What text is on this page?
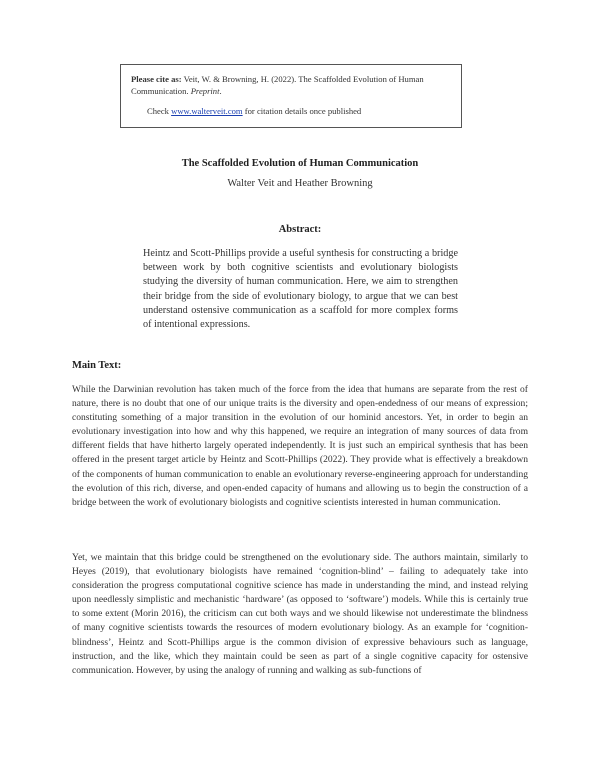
Please cite as: Veit, W. & Browning, H. (2022). The Scaffolded Evolution of Human Communication. Preprint.
Check www.walterveit.com for citation details once published
The Scaffolded Evolution of Human Communication
Walter Veit and Heather Browning
Abstract:
Heintz and Scott-Phillips provide a useful synthesis for constructing a bridge between work by both cognitive scientists and evolutionary biologists studying the diversity of human communication. Here, we aim to strengthen their bridge from the side of evolutionary biology, to argue that we can best understand ostensive communication as a scaffold for more complex forms of intentional expressions.
Main Text:
While the Darwinian revolution has taken much of the force from the idea that humans are separate from the rest of nature, there is no doubt that one of our unique traits is the diversity and open-endedness of our means of expression; constituting something of a major transition in the evolution of our hominid ancestors. Yet, in order to begin an evolutionary investigation into how and why this happened, we require an integration of many sources of data from different fields that have hitherto largely operated independently. It is just such an empirical synthesis that has been offered in the present target article by Heintz and Scott-Phillips (2022). They provide what is effectively a breakdown of the components of human communication to enable an evolutionary reverse-engineering approach for understanding the evolution of this rich, diverse, and open-ended capacity of humans and allowing us to begin the construction of a bridge between the work of evolutionary biologists and cognitive scientists interested in human communication.
Yet, we maintain that this bridge could be strengthened on the evolutionary side. The authors maintain, similarly to Heyes (2019), that evolutionary biologists have remained ‘cognition-blind’ – failing to adequately take into consideration the progress computational cognitive science has made in understanding the mind, and instead relying upon needlessly simplistic and mechanistic ‘hardware’ (as opposed to ‘software’) models. While this is certainly true to some extent (Morin 2016), the criticism can cut both ways and we should likewise not underestimate the blindness of many cognitive scientists towards the resources of modern evolutionary biology. As an example for ‘cognition-blindness’, Heintz and Scott-Phillips argue is the common division of expressive behaviours such as language, instruction, and the like, which they maintain could be seen as part of a single cognitive capacity for ostensive communication. However, by using the analogy of running and walking as sub-functions of
